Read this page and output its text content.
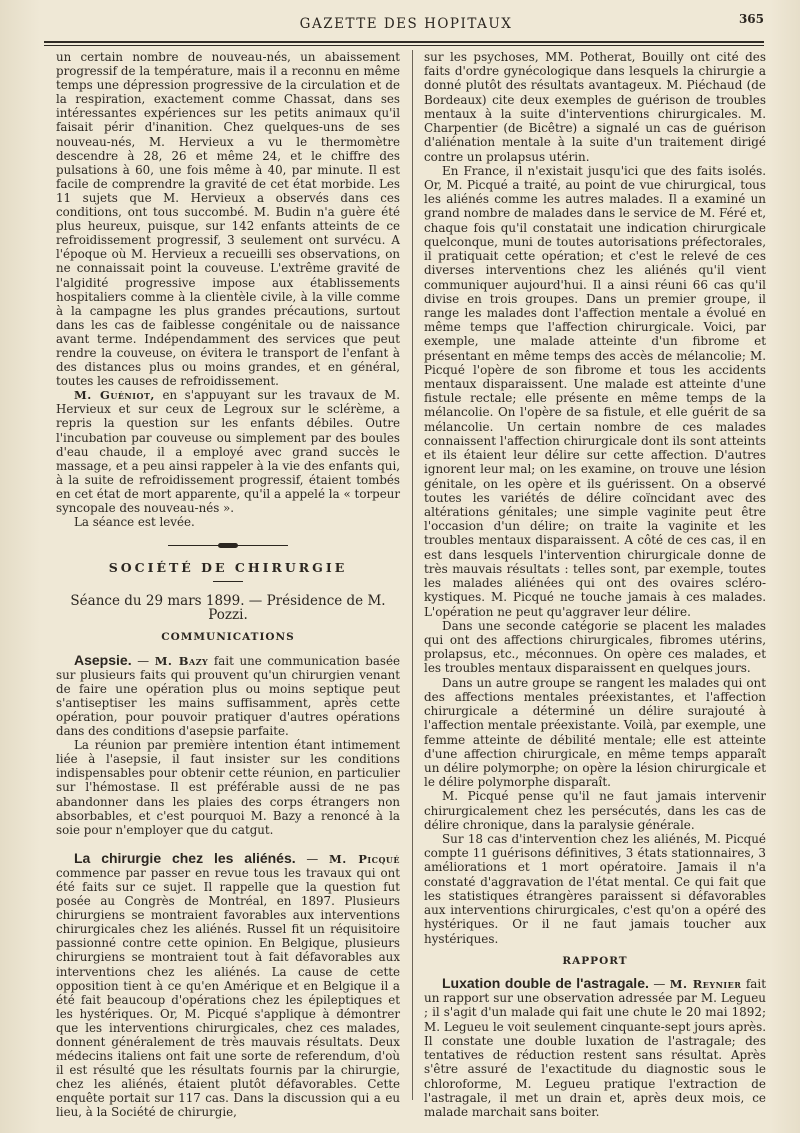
GAZETTE DES HOPITAUX	365

un certain nombre de nouveau-nés, un abaissement progressif de la température, mais il a reconnu en même temps une dépression progressive de la circulation et de la respiration, exactement comme Chassat, dans ses intéressantes expériences sur les petits animaux qu'il faisait périr d'inanition. Chez quelques-uns de ses nouveau-nés, M. Hervieux a vu le thermomètre descendre à 28, 26 et même 24, et le chiffre des pulsations à 60, une fois même à 40, par minute. Il est facile de comprendre la gravité de cet état morbide. Les 11 sujets que M. Hervieux a observés dans ces conditions, ont tous succombé. M. Budin n'a guère été plus heureux, puisque, sur 142 enfants atteints de ce refroidissement progressif, 3 seulement ont survécu. A l'époque où M. Hervieux a recueilli ses observations, on ne connaissait point la couveuse. L'extrême gravité de l'algidité progressive impose aux établissements hospitaliers comme à la clientèle civile, à la ville comme à la campagne les plus grandes précautions, surtout dans les cas de faiblesse congénitale ou de naissance avant terme. Indépendamment des services que peut rendre la couveuse, on évitera le transport de l'enfant à des distances plus ou moins grandes, et en général, toutes les causes de refroidissement.

M. Guéniot, en s'appuyant sur les travaux de M. Hervieux et sur ceux de Legroux sur le sclérème, a repris la question sur les enfants débiles. Outre l'incubation par couveuse ou simplement par des boules d'eau chaude, il a employé avec grand succès le massage, et a peu ainsi rappeler à la vie des enfants qui, à la suite de refroidissement progressif, étaient tombés en cet état de mort apparente, qu'il a appelé la « torpeur syncopale des nouveau-nés ».

La séance est levée.

SOCIÉTÉ DE CHIRURGIE

Séance du 29 mars 1899. — Présidence de M. Pozzi.

COMMUNICATIONS

Asepsie. — M. Bazy fait une communication basée sur plusieurs faits qui prouvent qu'un chirurgien venant de faire une opération plus ou moins septique peut s'antiseptiser les mains suffisamment, après cette opération, pour pouvoir pratiquer d'autres opérations dans des conditions d'asepsie parfaite.

La réunion par première intention étant intimement liée à l'asepsie, il faut insister sur les conditions indispensables pour obtenir cette réunion, en particulier sur l'hémostase. Il est préférable aussi de ne pas abandonner dans les plaies des corps étrangers non absorbables, et c'est pourquoi M. Bazy a renoncé à la soie pour n'employer que du catgut.

La chirurgie chez les aliénés. — M. Picqué commence par passer en revue tous les travaux qui ont été faits sur ce sujet. Il rappelle que la question fut posée au Congrès de Montréal, en 1897. Plusieurs chirurgiens se montraient favorables aux interventions chirurgicales chez les aliénés. Russel fit un réquisitoire passionné contre cette opinion. En Belgique, plusieurs chirurgiens se montraient tout à fait défavorables aux interventions chez les aliénés. La cause de cette opposition tient à ce qu'en Amérique et en Belgique il a été fait beaucoup d'opérations chez les épileptiques et les hystériques. Or, M. Picqué s'applique à démontrer que les interventions chirurgicales, chez ces malades, donnent généralement de très mauvais résultats. Deux médecins italiens ont fait une sorte de referendum, d'où il est résulté que les résultats fournis par la chirurgie, chez les aliénés, étaient plutôt défavorables. Cette enquête portait sur 117 cas. Dans la discussion qui a eu lieu, à la Société de chirurgie,

sur les psychoses, MM. Potherat, Bouilly ont cité des faits d'ordre gynécologique dans lesquels la chirurgie a donné plutôt des résultats avantageux. M. Piéchaud (de Bordeaux) cite deux exemples de guérison de troubles mentaux à la suite d'interventions chirurgicales. M. Charpentier (de Bicêtre) a signalé un cas de guérison d'aliénation mentale à la suite d'un traitement dirigé contre un prolapsus utérin.

En France, il n'existait jusqu'ici que des faits isolés. Or, M. Picqué a traité, au point de vue chirurgical, tous les aliénés comme les autres malades. Il a examiné un grand nombre de malades dans le service de M. Féré et, chaque fois qu'il constatait une indication chirurgicale quelconque, muni de toutes autorisations préfectorales, il pratiquait cette opération; et c'est le relevé de ces diverses interventions chez les aliénés qu'il vient communiquer aujourd'hui. Il a ainsi réuni 66 cas qu'il divise en trois groupes. Dans un premier groupe, il range les malades dont l'affection mentale a évolué en même temps que l'affection chirurgicale. Voici, par exemple, une malade atteinte d'un fibrome et présentant en même temps des accès de mélancolie; M. Picqué l'opère de son fibrome et tous les accidents mentaux disparaissent. Une malade est atteinte d'une fistule rectale; elle présente en même temps de la mélancolie. On l'opère de sa fistule, et elle guérit de sa mélancolie. Un certain nombre de ces malades connaissent l'affection chirurgicale dont ils sont atteints et ils étaient leur délire sur cette affection. D'autres ignorent leur mal; on les examine, on trouve une lésion génitale, on les opère et ils guérissent. On a observé toutes les variétés de délire coïncidant avec des altérations génitales; une simple vaginite peut être l'occasion d'un délire; on traite la vaginite et les troubles mentaux disparaissent. A côté de ces cas, il en est dans lesquels l'intervention chirurgicale donne de très mauvais résultats : telles sont, par exemple, toutes les malades aliénées qui ont des ovaires scléro-kystiques. M. Picqué ne touche jamais à ces malades. L'opération ne peut qu'aggraver leur délire.

Dans une seconde catégorie se placent les malades qui ont des affections chirurgicales, fibromes utérins, prolapsus, etc., méconnues. On opère ces malades, et les troubles mentaux disparaissent en quelques jours.

Dans un autre groupe se rangent les malades qui ont des affections mentales préexistantes, et l'affection chirurgicale a déterminé un délire surajouté à l'affection mentale préexistante. Voilà, par exemple, une femme atteinte de débilité mentale; elle est atteinte d'une affection chirurgicale, en même temps apparaît un délire polymorphe; on opère la lésion chirurgicale et le délire polymorphe disparaît.

M. Picqué pense qu'il ne faut jamais intervenir chirurgicalement chez les persécutés, dans les cas de délire chronique, dans la paralysie générale.

Sur 18 cas d'intervention chez les aliénés, M. Picqué compte 11 guérisons définitives, 3 états stationnaires, 3 améliorations et 1 mort opératoire. Jamais il n'a constaté d'aggravation de l'état mental. Ce qui fait que les statistiques étrangères paraissent si défavorables aux interventions chirurgicales, c'est qu'on a opéré des hystériques. Or il ne faut jamais toucher aux hystériques.

RAPPORT

Luxation double de l'astragale. — M. Reynier fait un rapport sur une observation adressée par M. Legueu ; il s'agit d'un malade qui fait une chute le 20 mai 1892; M. Legueu le voit seulement cinquante-sept jours après. Il constate une double luxation de l'astragale; des tentatives de réduction restent sans résultat. Après s'être assuré de l'exactitude du diagnostic sous le chloroforme, M. Legueu pratique l'extraction de l'astragale, il met un drain et, après deux mois, ce malade marchait sans boiter.
